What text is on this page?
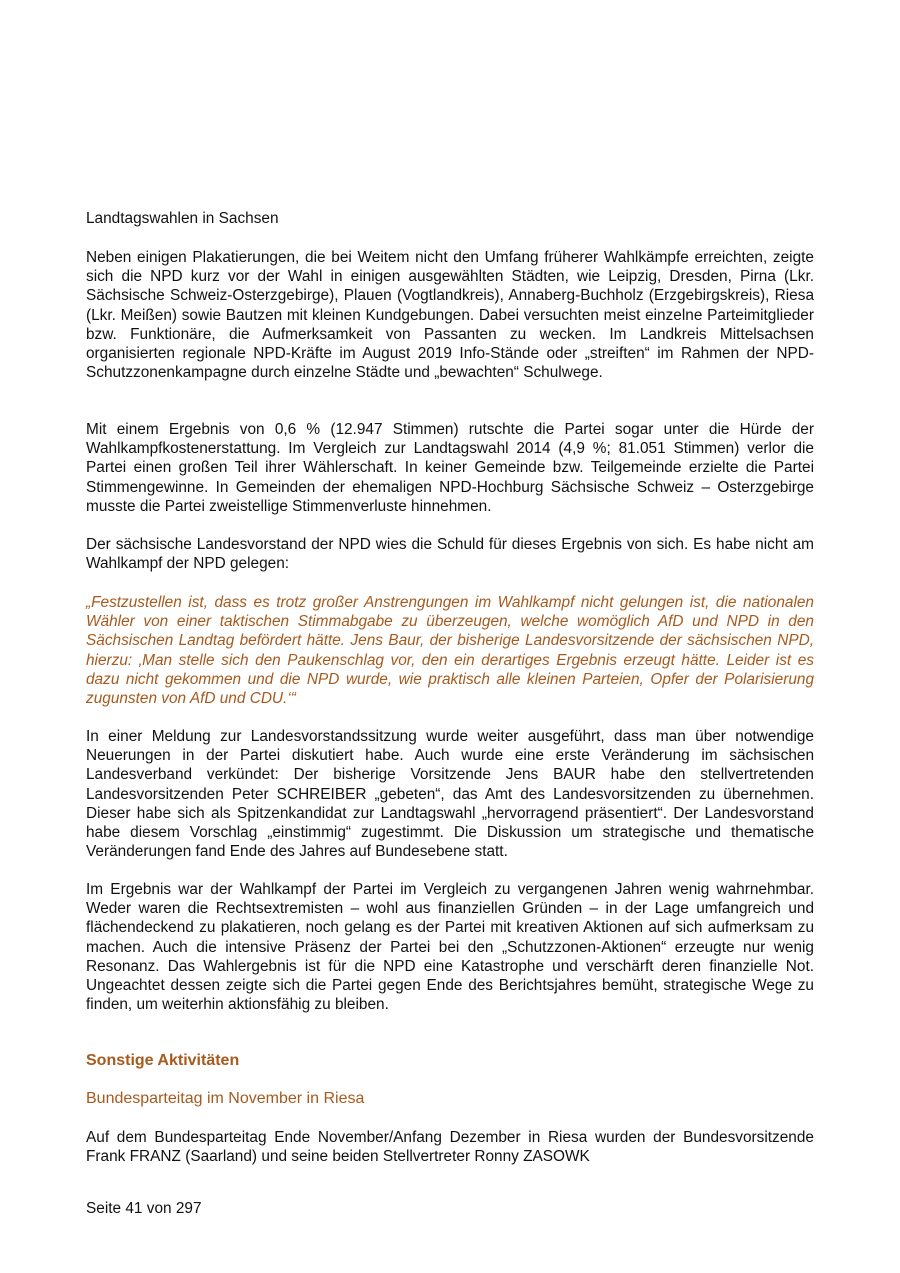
Landtagswahlen in Sachsen

Neben einigen Plakatierungen, die bei Weitem nicht den Umfang früherer Wahlkämpfe erreichten, zeigte sich die NPD kurz vor der Wahl in einigen ausgewählten Städten, wie Leipzig, Dresden, Pirna (Lkr. Sächsische Schweiz-Osterzgebirge), Plauen (Vogtlandkreis), Annaberg-Buchholz (Erzgebirgskreis), Riesa (Lkr. Meißen) sowie Bautzen mit kleinen Kundgebungen. Dabei versuchten meist einzelne Parteimitglieder bzw. Funktionäre, die Aufmerksamkeit von Passanten zu wecken. Im Landkreis Mittelsachsen organisierten regionale NPD-Kräfte im August 2019 Info-Stände oder „streiften“ im Rahmen der NPD-Schutzzonenkampagne durch einzelne Städte und „bewachten“ Schulwege.

Mit einem Ergebnis von 0,6 % (12.947 Stimmen) rutschte die Partei sogar unter die Hürde der Wahlkampfkostenerstattung. Im Vergleich zur Landtagswahl 2014 (4,9 %; 81.051 Stimmen) verlor die Partei einen großen Teil ihrer Wählerschaft. In keiner Gemeinde bzw. Teilgemeinde erzielte die Partei Stimmengewinne. In Gemeinden der ehemaligen NPD-Hochburg Sächsische Schweiz – Osterzgebirge musste die Partei zweistellige Stimmenverluste hinnehmen.

Der sächsische Landesvorstand der NPD wies die Schuld für dieses Ergebnis von sich. Es habe nicht am Wahlkampf der NPD gelegen:

„Festzustellen ist, dass es trotz großer Anstrengungen im Wahlkampf nicht gelungen ist, die nationalen Wähler von einer taktischen Stimmabgabe zu überzeugen, welche womöglich AfD und NPD in den Sächsischen Landtag befördert hätte. Jens Baur, der bisherige Landesvorsitzende der sächsischen NPD, hierzu: ‚Man stelle sich den Paukenschlag vor, den ein derartiges Ergebnis erzeugt hätte. Leider ist es dazu nicht gekommen und die NPD wurde, wie praktisch alle kleinen Parteien, Opfer der Polarisierung zugunsten von AfD und CDU.‘“

In einer Meldung zur Landesvorstandssitzung wurde weiter ausgeführt, dass man über notwendige Neuerungen in der Partei diskutiert habe. Auch wurde eine erste Veränderung im sächsischen Landesverband verkündet: Der bisherige Vorsitzende Jens BAUR habe den stellvertretenden Landesvorsitzenden Peter SCHREIBER „gebeten“, das Amt des Landesvorsitzenden zu übernehmen. Dieser habe sich als Spitzenkandidat zur Landtagswahl „hervorragend präsentiert“. Der Landesvorstand habe diesem Vorschlag „einstimmig“ zugestimmt. Die Diskussion um strategische und thematische Veränderungen fand Ende des Jahres auf Bundesebene statt.

Im Ergebnis war der Wahlkampf der Partei im Vergleich zu vergangenen Jahren wenig wahrnehmbar. Weder waren die Rechtsextremisten – wohl aus finanziellen Gründen – in der Lage umfangreich und flächendeckend zu plakatieren, noch gelang es der Partei mit kreativen Aktionen auf sich aufmerksam zu machen. Auch die intensive Präsenz der Partei bei den „Schutzzonen-Aktionen“ erzeugte nur wenig Resonanz. Das Wahlergebnis ist für die NPD eine Katastrophe und verschärft deren finanzielle Not. Ungeachtet dessen zeigte sich die Partei gegen Ende des Berichtsjahres bemüht, strategische Wege zu finden, um weiterhin aktionsfähig zu bleiben.

Sonstige Aktivitäten

Bundesparteitag im November in Riesa

Auf dem Bundesparteitag Ende November/Anfang Dezember in Riesa wurden der Bundesvorsitzende Frank FRANZ (Saarland) und seine beiden Stellvertreter Ronny ZASOWK

Seite 41 von 297
